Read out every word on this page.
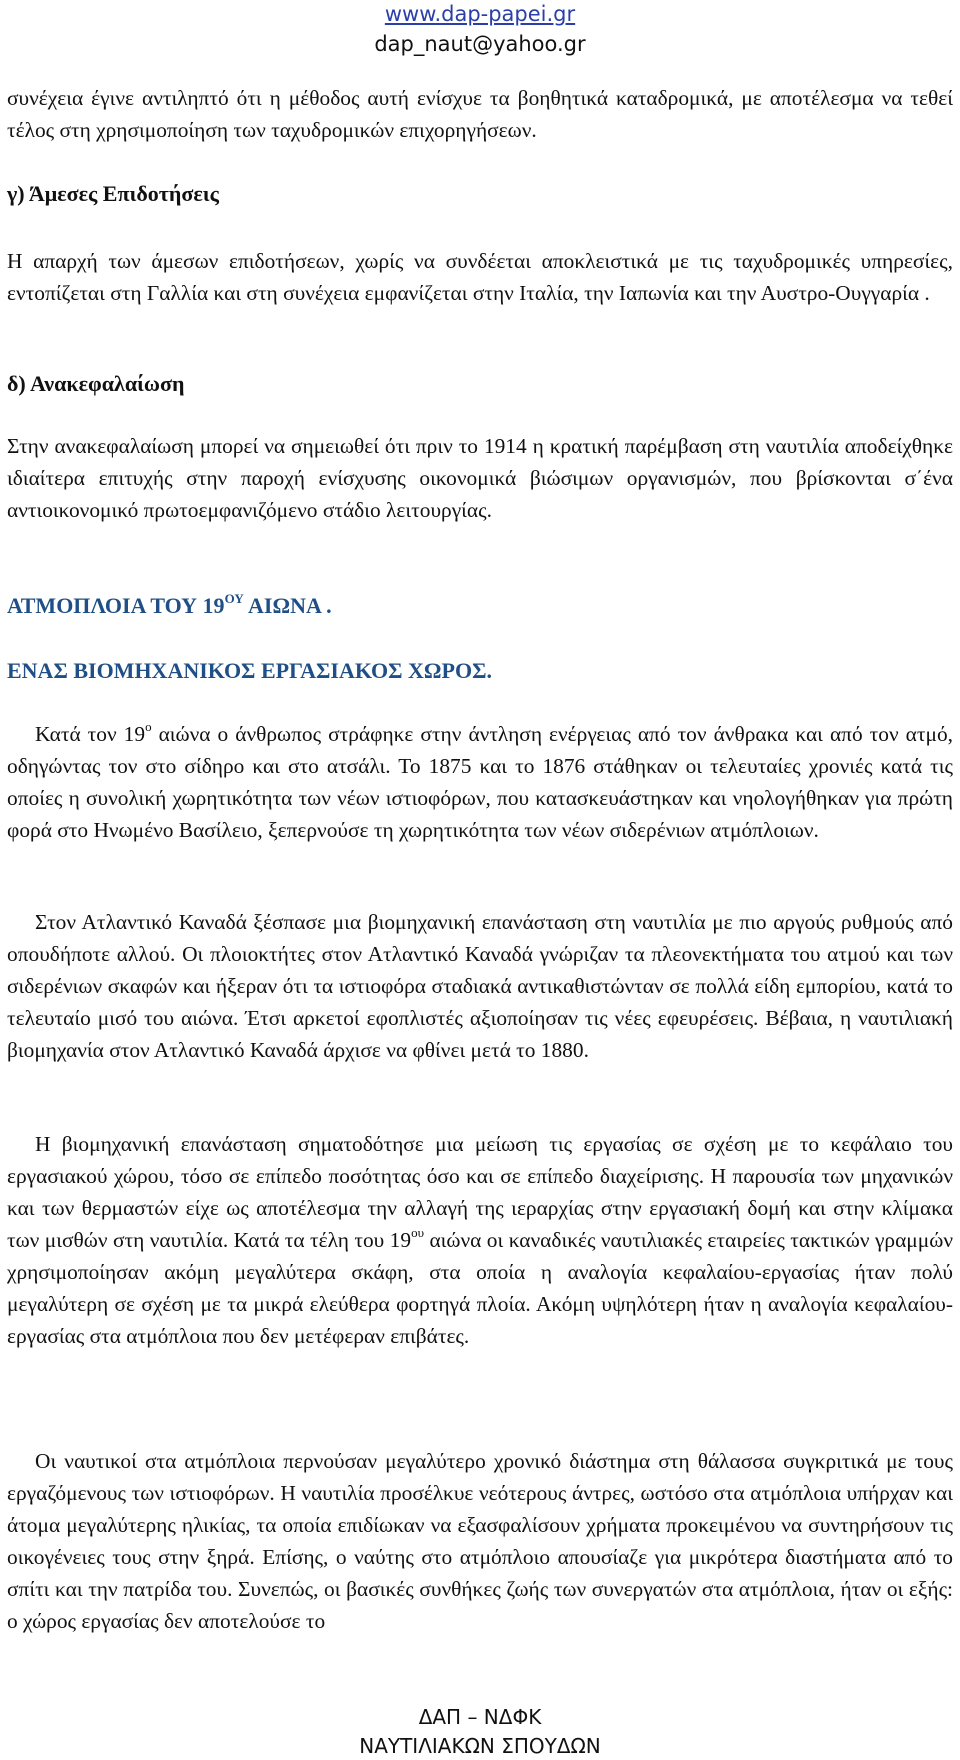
www.dap-papei.gr
dap_naut@yahoo.gr

συνέχεια έγινε αντιληπτό ότι η μέθοδος αυτή ενίσχυε τα βοηθητικά καταδρομικά, με αποτέλεσμα να τεθεί τέλος στη χρησιμοποίηση των ταχυδρομικών επιχορηγήσεων.

γ) Άμεσες Επιδοτήσεις

Η απαρχή των άμεσων επιδοτήσεων, χωρίς να συνδέεται αποκλειστικά με τις ταχυδρομικές υπηρεσίες, εντοπίζεται στη Γαλλία και στη συνέχεια εμφανίζεται στην Ιταλία, την Ιαπωνία και την Αυστρο-Ουγγαρία .

δ) Ανακεφαλαίωση

Στην ανακεφαλαίωση μπορεί να σημειωθεί ότι πριν το 1914 η κρατική παρέμβαση στη ναυτιλία αποδείχθηκε ιδιαίτερα επιτυχής στην παροχή ενίσχυσης οικονομικά βιώσιμων οργανισμών, που βρίσκονται σ΄ένα αντιοικονομικό πρωτοεμφανιζόμενο στάδιο λειτουργίας.

ΑΤΜΟΠΛΟΙΑ ΤΟΥ $19^{O\Upsilon}$ ΑΙΩΝΑ .
ΕΝΑΣ ΒΙΟΜΗΧΑΝΙΚΟΣ ΕΡΓΑΣΙΑΚΟΣ ΧΩΡΟΣ.

Κατά τον $19^o$ αιώνα ο άνθρωπος στράφηκε στην άντληση ενέργειας από τον άνθρακα και από τον ατμό, οδηγώντας τον στο σίδηρο και στο ατσάλι. Το 1875 και το 1876 στάθηκαν οι τελευταίες χρονιές κατά τις οποίες η συνολική χωρητικότητα των νέων ιστιοφόρων, που κατασκευάστηκαν και νηολογήθηκαν για πρώτη φορά στο Ηνωμένο Βασίλειο, ξεπερνούσε τη χωρητικότητα των νέων σιδερένιων ατμόπλοιων.

Στον Ατλαντικό Καναδά ξέσπασε μια βιομηχανική επανάσταση στη ναυτιλία με πιο αργούς ρυθμούς από οπουδήποτε αλλού. Οι πλοιοκτήτες στον Ατλαντικό Καναδά γνώριζαν τα πλεονεκτήματα του ατμού και των σιδερένιων σκαφών και ήξεραν ότι τα ιστιοφόρα σταδιακά αντικαθιστώνταν σε πολλά είδη εμπορίου, κατά το τελευταίο μισό του αιώνα. Έτσι αρκετοί εφοπλιστές αξιοποίησαν τις νέες εφευρέσεις. Βέβαια, η ναυτιλιακή βιομηχανία στον Ατλαντικό Καναδά άρχισε να φθίνει μετά το 1880.

Η βιομηχανική επανάσταση σηματοδότησε μια μείωση τις εργασίας σε σχέση με το κεφάλαιο του εργασιακού χώρου, τόσο σε επίπεδο ποσότητας όσο και σε επίπεδο διαχείρισης. Η παρουσία των μηχανικών και των θερμαστών είχε ως αποτέλεσμα την αλλαγή της ιεραρχίας στην εργασιακή δομή και στην κλίμακα των μισθών στη ναυτιλία. Κατά τα τέλη του $19^{o\upsilon}$ αιώνα οι καναδικές ναυτιλιακές εταιρείες τακτικών γραμμών χρησιμοποίησαν ακόμη μεγαλύτερα σκάφη, στα οποία η αναλογία κεφαλαίου-εργασίας ήταν πολύ μεγαλύτερη σε σχέση με τα μικρά ελεύθερα φορτηγά πλοία. Ακόμη υψηλότερη ήταν η αναλογία κεφαλαίου-εργασίας στα ατμόπλοια που δεν μετέφεραν επιβάτες.

Οι ναυτικοί στα ατμόπλοια περνούσαν μεγαλύτερο χρονικό διάστημα στη θάλασσα συγκριτικά με τους εργαζόμενους των ιστιοφόρων. Η ναυτιλία προσέλκυε νεότερους άντρες, ωστόσο στα ατμόπλοια υπήρχαν και άτομα μεγαλύτερης ηλικίας, τα οποία επιδίωκαν να εξασφαλίσουν χρήματα προκειμένου να συντηρήσουν τις οικογένειες τους στην ξηρά. Επίσης, ο ναύτης στο ατμόπλοιο απουσίαζε για μικρότερα διαστήματα από το σπίτι και την πατρίδα του. Συνεπώς, οι βασικές συνθήκες ζωής των συνεργατών στα ατμόπλοια, ήταν οι εξής: ο χώρος εργασίας δεν αποτελούσε το

ΔΑΠ – ΝΔΦΚ
ΝΑΥΤΙΛΙΑΚΩΝ ΣΠΟΥΔΩΝ
